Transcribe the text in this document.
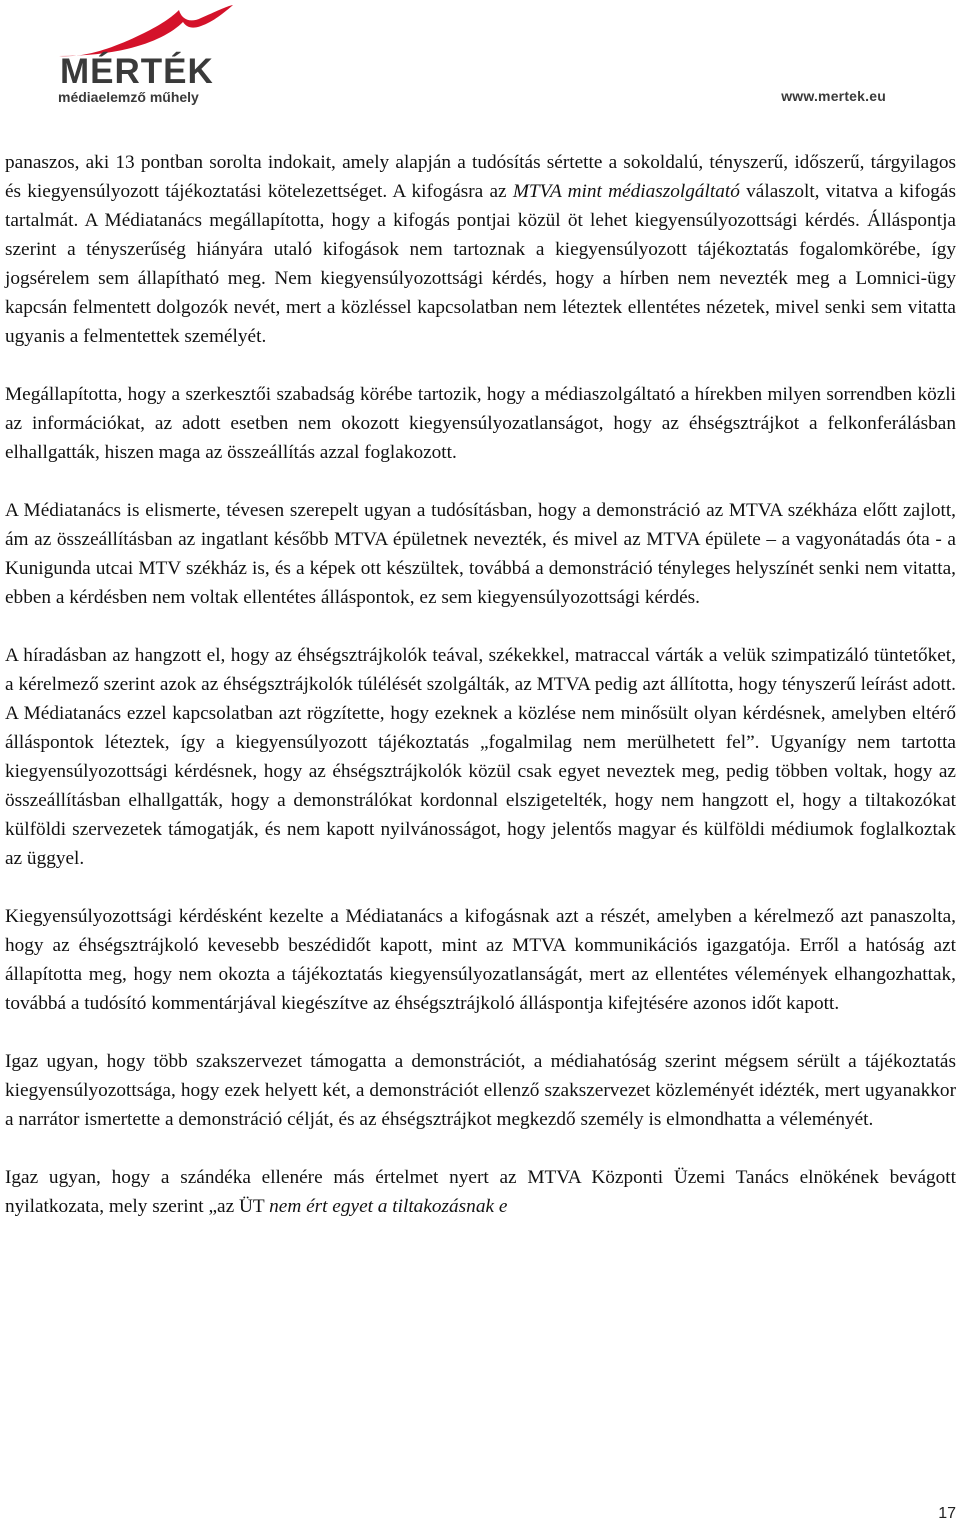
MÉRTÉK
médiaelemző műhely	www.mertek.eu

panaszos, aki 13 pontban sorolta indokait, amely alapján a tudósítás sértette a sokoldalú, tényszerű, időszerű, tárgyilagos és kiegyensúlyozott tájékoztatási kötelezettséget. A kifogásra az MTVA mint médiaszolgáltató válaszolt, vitatva a kifogás tartalmát. A Médiatanács megállapította, hogy a kifogás pontjai közül öt lehet kiegyensúlyozottsági kérdés. Álláspontja szerint a tényszerűség hiányára utaló kifogások nem tartoznak a kiegyensúlyozott tájékoztatás fogalomkörébe, így jogsérelem sem állapítható meg. Nem kiegyensúlyozottsági kérdés, hogy a hírben nem nevezték meg a Lomnici-ügy kapcsán felmentett dolgozók nevét, mert a közléssel kapcsolatban nem léteztek ellentétes nézetek, mivel senki sem vitatta ugyanis a felmentettek személyét.

Megállapította, hogy a szerkesztői szabadság körébe tartozik, hogy a médiaszolgáltató a hírekben milyen sorrendben közli az információkat, az adott esetben nem okozott kiegyensúlyozatlanságot, hogy az éhségsztrájkot a felkonferálásban elhallgatták, hiszen maga az összeállítás azzal foglakozott.

A Médiatanács is elismerte, tévesen szerepelt ugyan a tudósításban, hogy a demonstráció az MTVA székháza előtt zajlott, ám az összeállításban az ingatlant később MTVA épületnek nevezték, és mivel az MTVA épülete – a vagyonátadás óta - a Kunigunda utcai MTV székház is, és a képek ott készültek, továbbá a demonstráció tényleges helyszínét senki nem vitatta, ebben a kérdésben nem voltak ellentétes álláspontok, ez sem kiegyensúlyozottsági kérdés.

A híradásban az hangzott el, hogy az éhségsztrájkolók teával, székekkel, matraccal várták a velük szimpatizáló tüntetőket, a kérelmező szerint azok az éhségsztrájkolók túlélését szolgálták, az MTVA pedig azt állította, hogy tényszerű leírást adott. A Médiatanács ezzel kapcsolatban azt rögzítette, hogy ezeknek a közlése nem minősült olyan kérdésnek, amelyben eltérő álláspontok léteztek, így a kiegyensúlyozott tájékoztatás „fogalmilag nem merülhetett fel”. Ugyanígy nem tartotta kiegyensúlyozottsági kérdésnek, hogy az éhségsztrájkolók közül csak egyet neveztek meg, pedig többen voltak, hogy az összeállításban elhallgatták, hogy a demonstrálókat kordonnal elszigetelték, hogy nem hangzott el, hogy a tiltakozókat külföldi szervezetek támogatják, és nem kapott nyilvánosságot, hogy jelentős magyar és külföldi médiumok foglalkoztak az üggyel.

Kiegyensúlyozottsági kérdésként kezelte a Médiatanács a kifogásnak azt a részét, amelyben a kérelmező azt panaszolta, hogy az éhségsztrájkoló kevesebb beszédidőt kapott, mint az MTVA kommunikációs igazgatója. Erről a hatóság azt állapította meg, hogy nem okozta a tájékoztatás kiegyensúlyozatlanságát, mert az ellentétes vélemények elhangozhattak, továbbá a tudósító kommentárjával kiegészítve az éhségsztrájkoló álláspontja kifejtésére azonos időt kapott.

Igaz ugyan, hogy több szakszervezet támogatta a demonstrációt, a médiahatóság szerint mégsem sérült a tájékoztatás kiegyensúlyozottsága, hogy ezek helyett két, a demonstrációt ellenző szakszervezet közleményét idézték, mert ugyanakkor a narrátor ismertette a demonstráció célját, és az éhségsztrájkot megkezdő személy is elmondhatta a véleményét.

Igaz ugyan, hogy a szándéka ellenére más értelmet nyert az MTVA Központi Üzemi Tanács elnökének bevágott nyilatkozata, mely szerint „az ÜT nem ért egyet a tiltakozásnak e

17
